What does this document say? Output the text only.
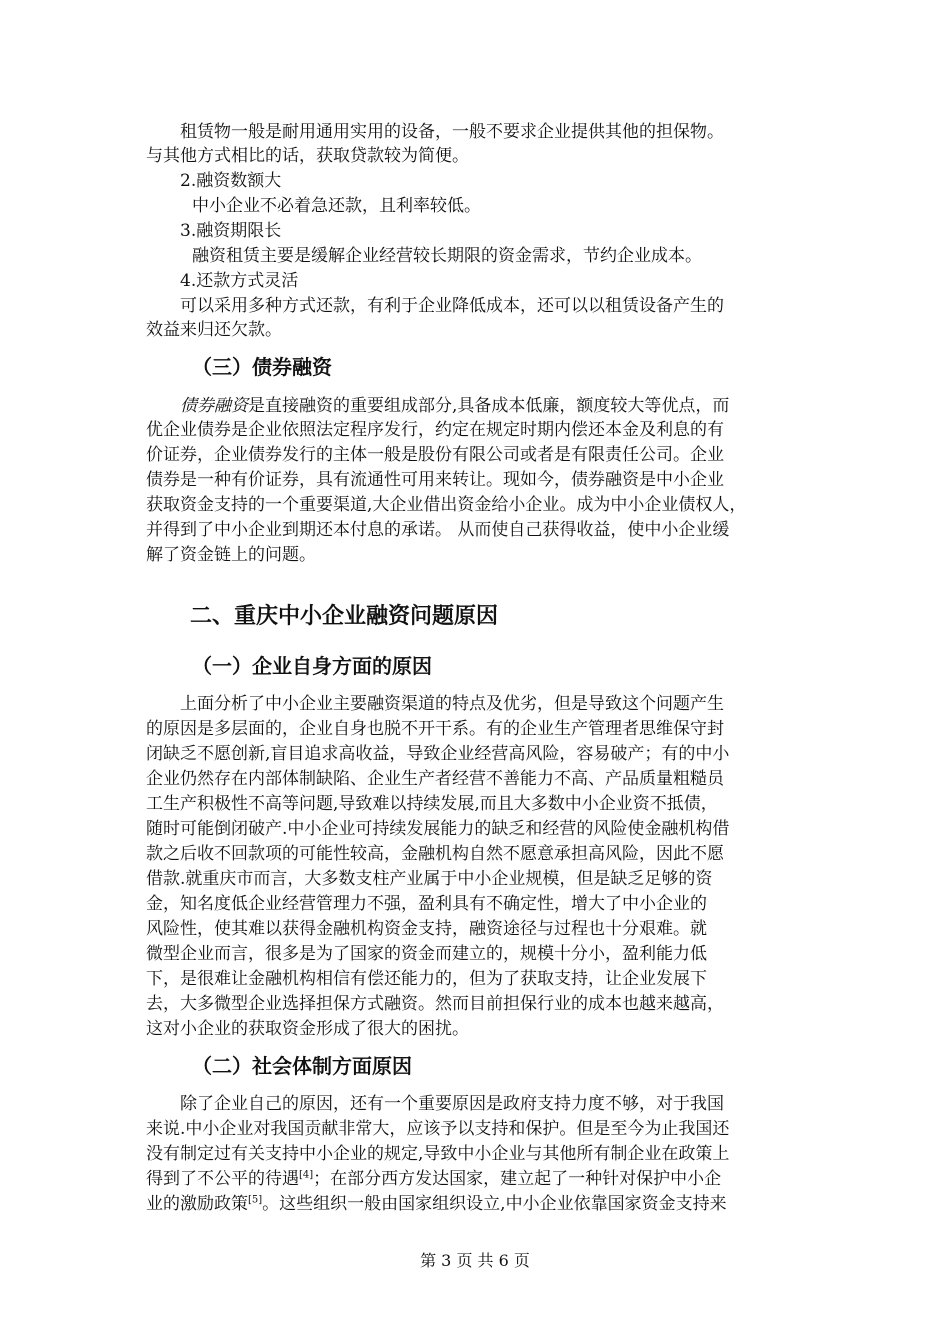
租赁物一般是耐用通用实用的设备，一般不要求企业提供其他的担保物。
与其他方式相比的话，获取贷款较为简便。
2.融资数额大
中小企业不必着急还款，且利率较低。
3.融资期限长
融资租赁主要是缓解企业经营较长期限的资金需求，节约企业成本。
4.还款方式灵活
可以采用多种方式还款，有利于企业降低成本，还可以以租赁设备产生的
效益来归还欠款。
（三）债券融资
债券融资是直接融资的重要组成部分,具备成本低廉，额度较大等优点，而
优企业债券是企业依照法定程序发行，约定在规定时期内偿还本金及利息的有
价证券，企业债券发行的主体一般是股份有限公司或者是有限责任公司。企业
债券是一种有价证券，具有流通性可用来转让。现如今，债券融资是中小企业
获取资金支持的一个重要渠道,大企业借出资金给小企业。成为中小企业债权人，
并得到了中小企业到期还本付息的承诺。 从而使自己获得收益，使中小企业缓
解了资金链上的问题。
二、重庆中小企业融资问题原因
（一）企业自身方面的原因
上面分析了中小企业主要融资渠道的特点及优劣，但是导致这个问题产生
的原因是多层面的，企业自身也脱不开干系。有的企业生产管理者思维保守封
闭缺乏不愿创新,盲目追求高收益，导致企业经营高风险，容易破产；有的中小
企业仍然存在内部体制缺陷、企业生产者经营不善能力不高、产品质量粗糙员
工生产积极性不高等问题,导致难以持续发展,而且大多数中小企业资不抵债，
随时可能倒闭破产.中小企业可持续发展能力的缺乏和经营的风险使金融机构借
款之后收不回款项的可能性较高，金融机构自然不愿意承担高风险，因此不愿
借款.就重庆市而言，大多数支柱产业属于中小企业规模，但是缺乏足够的资
金，知名度低企业经营管理力不强，盈利具有不确定性，增大了中小企业的
风险性，使其难以获得金融机构资金支持，融资途径与过程也十分艰难。就
微型企业而言，很多是为了国家的资金而建立的，规模十分小，盈利能力低
下，是很难让金融机构相信有偿还能力的，但为了获取支持，让企业发展下
去，大多微型企业选择担保方式融资。然而目前担保行业的成本也越来越高，
这对小企业的获取资金形成了很大的困扰。
（二）社会体制方面原因
除了企业自己的原因，还有一个重要原因是政府支持力度不够，对于我国
来说.中小企业对我国贡献非常大，应该予以支持和保护。但是至今为止我国还
没有制定过有关支持中小企业的规定,导致中小企业与其他所有制企业在政策上
得到了不公平的待遇[4]；在部分西方发达国家，建立起了一种针对保护中小企
业的激励政策[5]。这些组织一般由国家组织设立,中小企业依靠国家资金支持来
第 3 页 共 6 页
